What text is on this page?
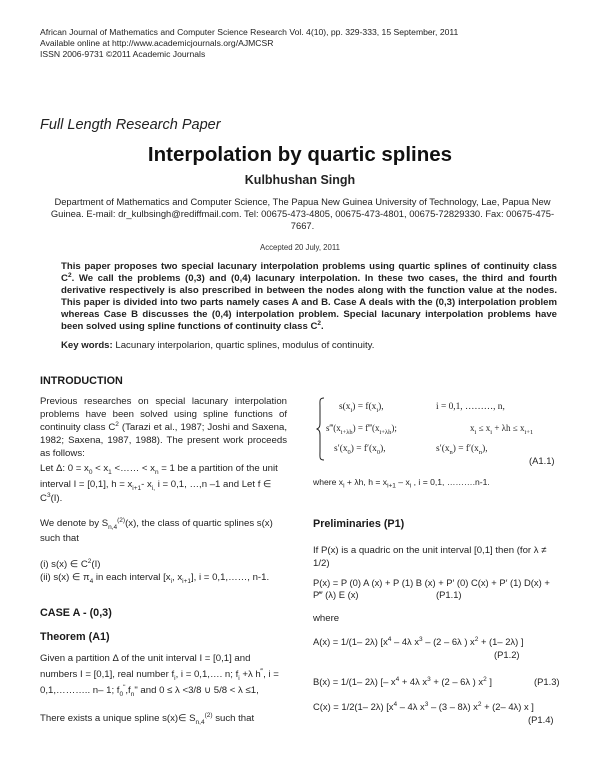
African Journal of Mathematics and Computer Science Research Vol. 4(10), pp. 329-333, 15 September, 2011
Available online at http://www.academicjournals.org/AJMCSR
ISSN 2006-9731 ©2011 Academic Journals
Full Length Research Paper
Interpolation by quartic splines
Kulbhushan Singh
Department of Mathematics and Computer Science, The Papua New Guinea University of Technology, Lae, Papua New Guinea. E-mail: dr_kulbsingh@rediffmail.com. Tel: 00675-473-4805, 00675-473-4801, 00675-72829330. Fax: 00675-475-7667.
Accepted 20 July, 2011
This paper proposes two special lacunary interpolation problems using quartic splines of continuity class $C^2$. We call the problems (0,3) and (0,4) lacunary interpolation. In these two cases, the third and fourth derivative respectively is also prescribed in between the nodes along with the function value at the nodes. This paper is divided into two parts namely cases A and B. Case A deals with the (0,3) interpolation problem whereas Case B discusses the (0,4) interpolation problem. Special lacunary interpolation problems have been solved using spline functions of continuity class $C^2$.
Key words: Lacunary interpolarion, quartic splines, modulus of continuity.
INTRODUCTION
Previous researches on special lacunary interpolation problems have been solved using spline functions of continuity class $C^2$ (Tarazi et al., 1987; Joshi and Saxena, 1982; Saxena, 1987, 1988). The present work proceeds as follows:
Let Δ: $0 = x_0 < x_1$ <…… < $x_n = 1$ be a partition of the unit
interval I = [0,1], $h = x_{i+1}-$ $x_{i,}$ i = 0,1, …,n –1 and Let f ∈
$C^3(I)$.
We denote by $S_{n,4}^{(2)}(x)$, the class of quartic splines s(x)
such that
(i) s(x) ∈ $C^2(I)$
(ii) s(x) ∈ $\pi_4$ in each interval [$x_i$, $x_{i+1}$], i = 0,1,……, n-1.
CASE A - (0,3)
Theorem (A1)
Given a partition Δ of the unit interval I = [0,1] and
numbers I = [0,1], real number $f_i$, i = 0,1,…. n; $f_i +\lambda$ h‴, i =
0,1,……….. n– 1; $f_0^ʺ,f_nʺ$ and 0 ≤ λ <3/8 ∪ 5/8 < λ ≤1,
There exists a unique spline s(x)∈ $S_{n,4}^{(2)}$ such that
$s(x_i) = f(x_i)$,	i = 0,1, ………, n,
$s‴(x_{i+\lambda h})$ = $f‴(x_{i+\lambda h})$;	$x_i \le x_i + \lambda h \le x_{i+1}$
$s'(x_0) = f'(x_0)$,	$s'(x_n) = f'(x_n)$,
(A1.1)
where $x_i + \lambda h$, $h = x_{i+1} - x_i$ , i = 0,1, ……….n-1.
Preliminaries (P1)
If P(x) is a quadric on the unit interval [0,1] then (for λ ≠
1/2)
P(x) = P (0) A (x) + P (1) B (x) + P′ (0) C(x) + P′ (1) D(x) +
P‴ (λ) E (x)	(P1.1)
where
A(x) = 1/(1– 2λ) [$x^4 - 4\lambda$ $x^3 - (2 - 6\lambda$ ) $x^2 + (1-$ 2λ) ]
(P1.2)
B(x) = 1/(1– 2λ) [– $x^4 + 4\lambda$ $x^3 + (2 - 6\lambda$ ) $x^2$ ]	(P1.3)
C(x) = 1/2(1– 2λ) [$x^4 - 4\lambda$ $x^3 - (3 - 8\lambda) x^2 + (2-$ 4λ) x ]
(P1.4)
